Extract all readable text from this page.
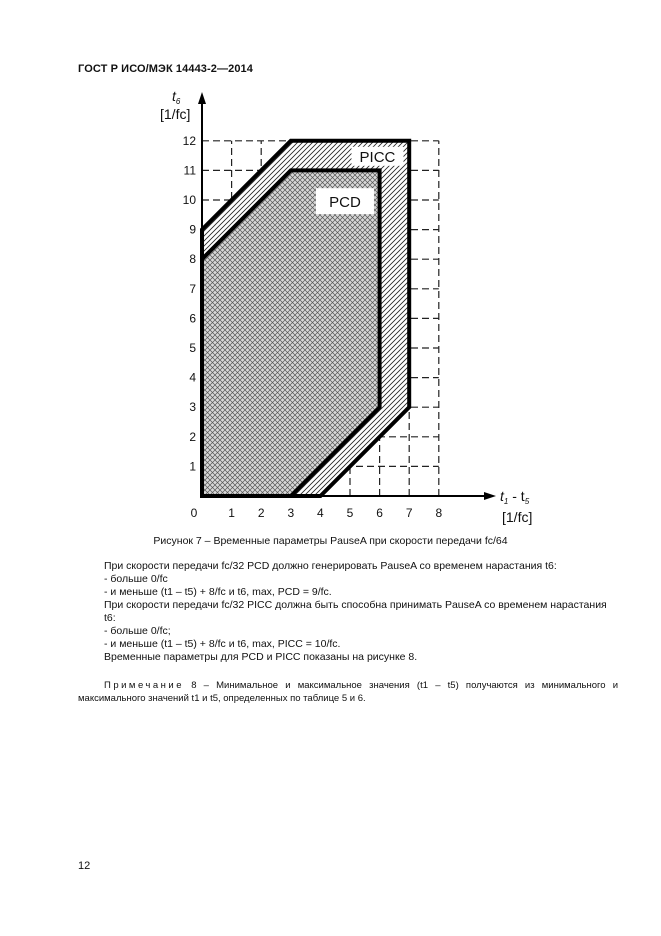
ГОСТ Р ИСО/МЭК 14443-2—2014
PICC
PCD
0	1 2 3 4 5 6 7 8
1
2
3
4
5
6
7
8
9
10
11
12
$t_6$
[1/fc]
$t_1 - t_5$
[1/fc]
Рисунок 7 – Временные параметры PauseA при скорости передачи fc/64
При скорости передачи fc/32 PCD должно генерировать PauseA со временем нарастания t6:
- больше 0/fc
- и меньше (t1 – t5) + 8/fc и t6, max, PCD = 9/fc.
При скорости передачи fc/32 PICC должна быть способна принимать PauseA со временем нарастания t6:
- больше 0/fc;
- и меньше (t1 – t5) + 8/fc и t6, max, PICC = 10/fc.
Временные параметры для PCD и PICC показаны на рисунке 8.
Примечание 8 – Минимальное и максимальное значения (t1 – t5) получаются из минимального и максимального значений t1 и t5, определенных по таблице 5 и 6.
12
